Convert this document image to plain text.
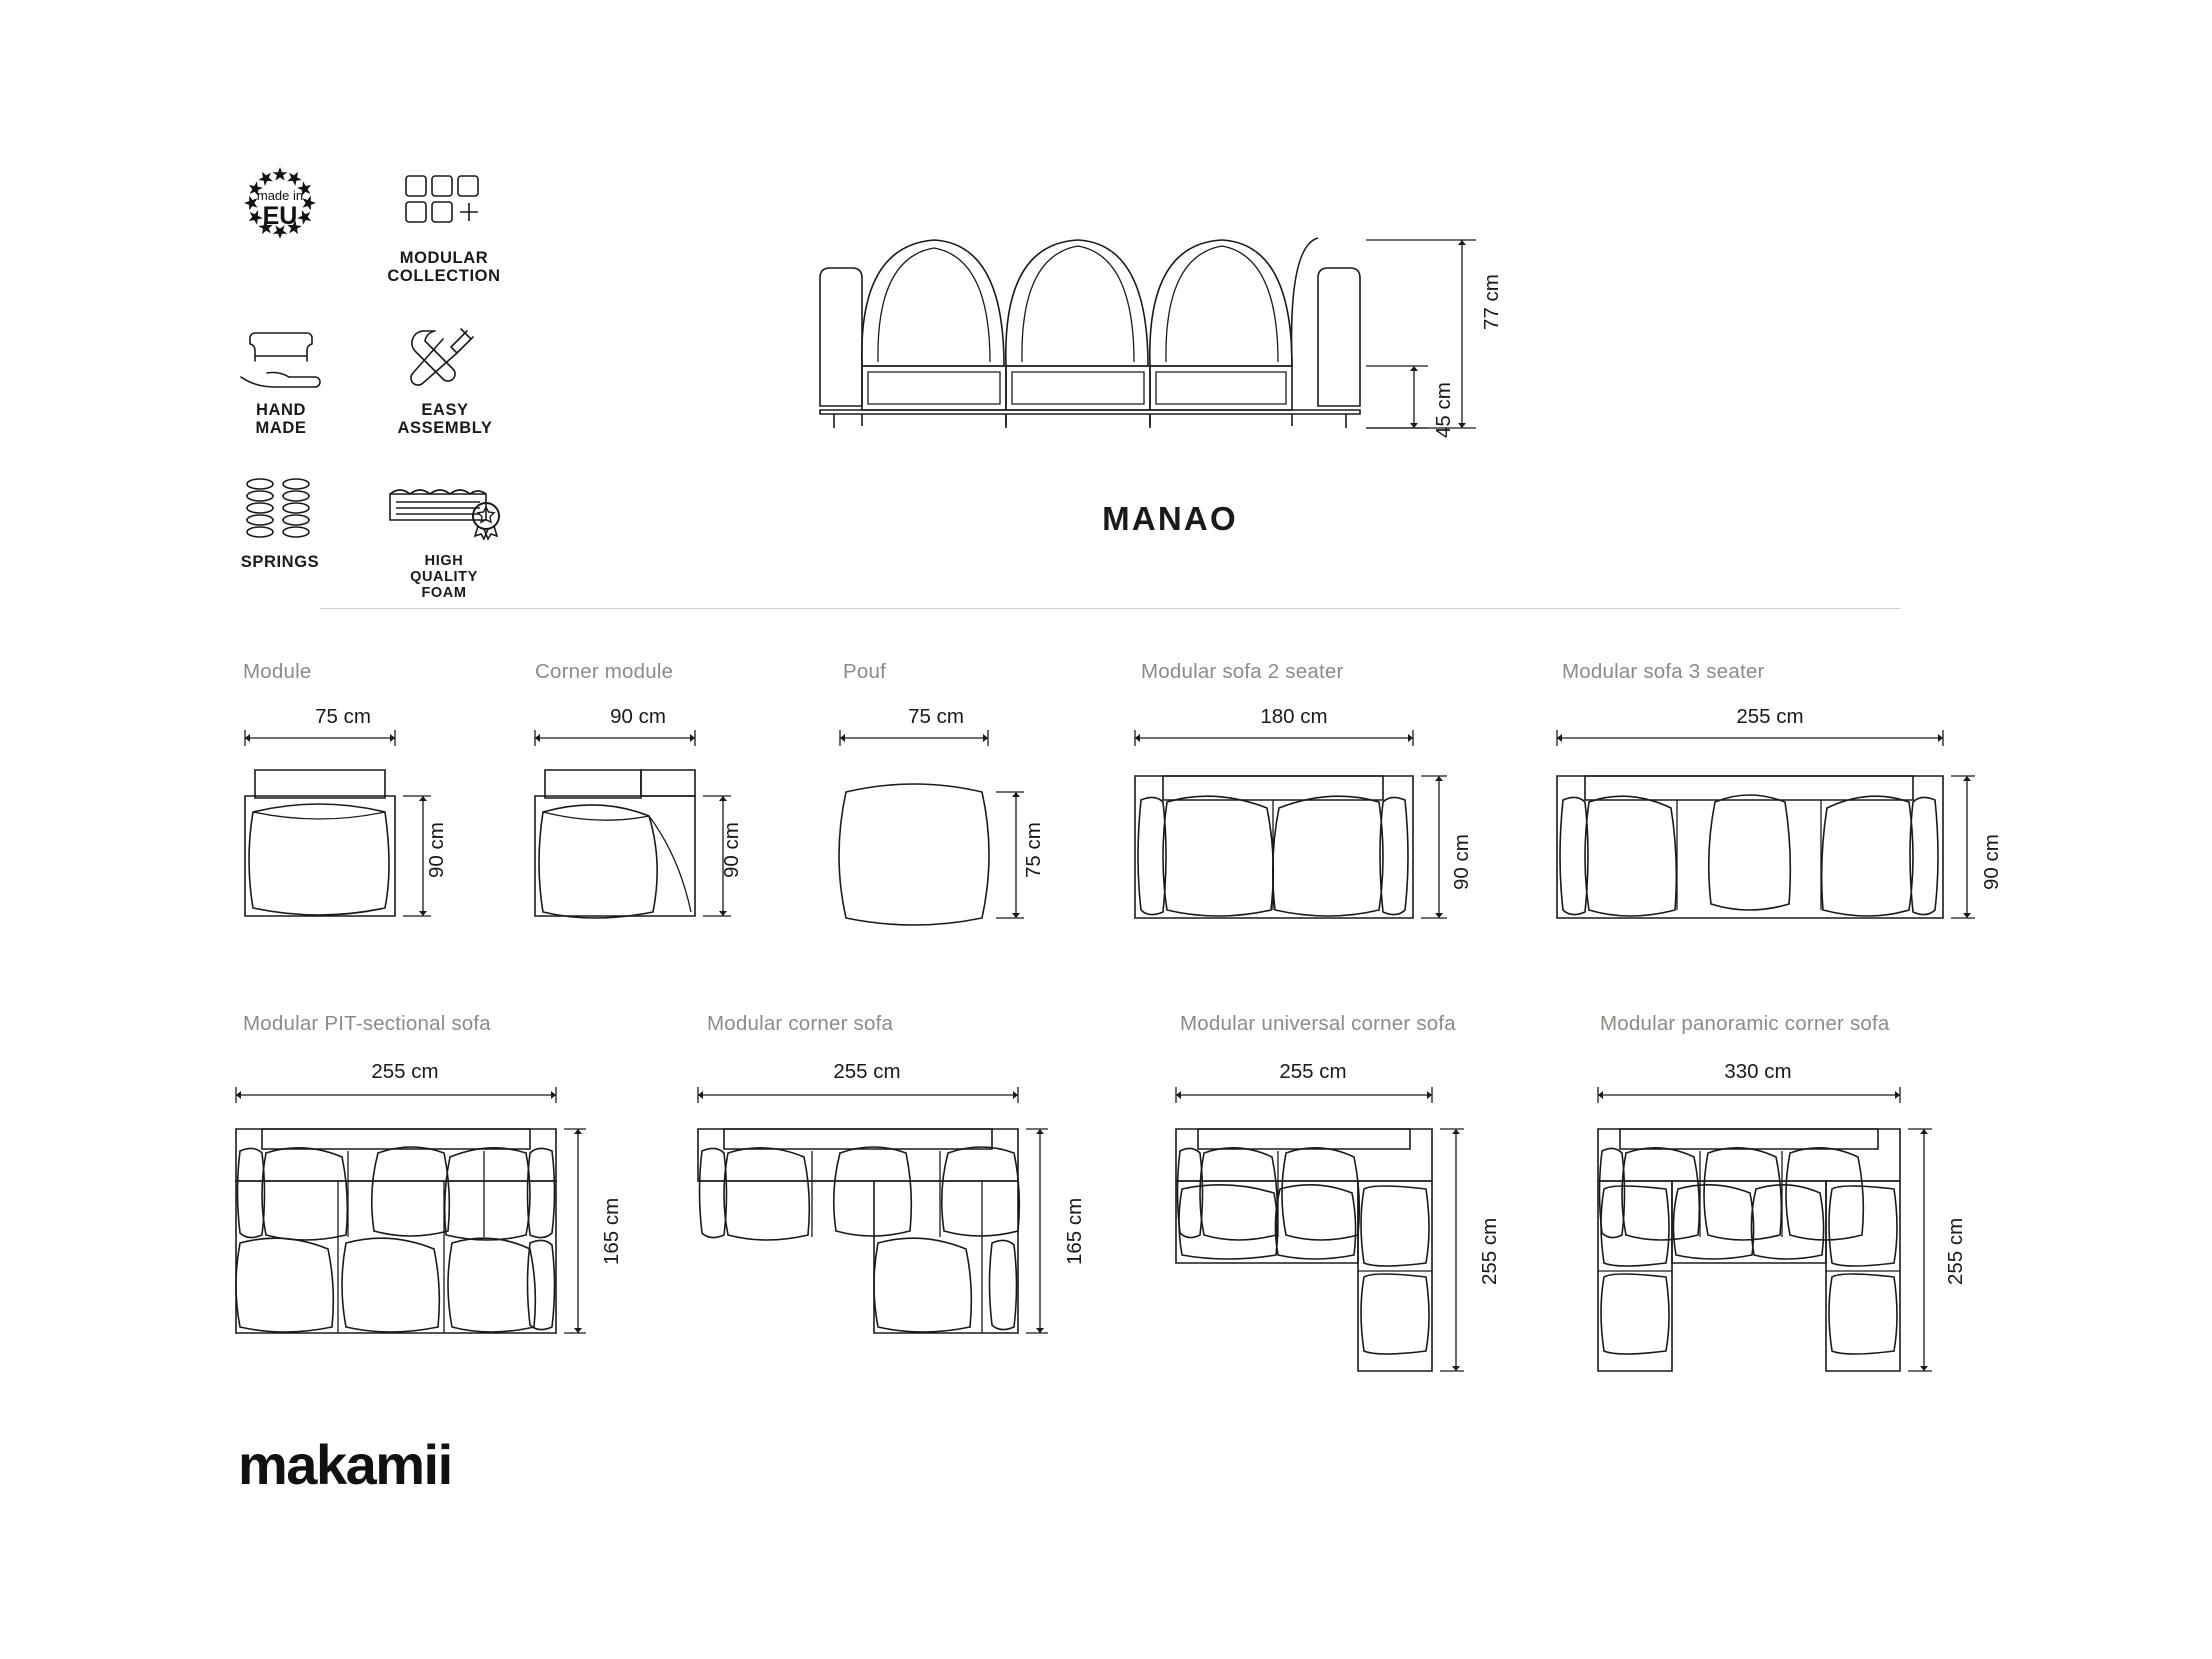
made in
EU
MODULAR
COLLECTION
HAND
MADE
EASY
ASSEMBLY
SPRINGS	HIGH QUALITY
FOAM
77 cm
45 cm
MANAO
Module
75 cm
90 cm
Corner module
90 cm
90 cm
Pouf
75 cm
75 cm
Modular sofa 2 seater
180 cm
90 cm
Modular sofa 3 seater
255 cm
90 cm
Modular PIT-sectional sofa
255 cm
165 cm
Modular corner sofa
255 cm
165 cm
Modular universal corner sofa
255 cm
255 cm
Modular panoramic corner sofa
330 cm
255 cm
makamii
